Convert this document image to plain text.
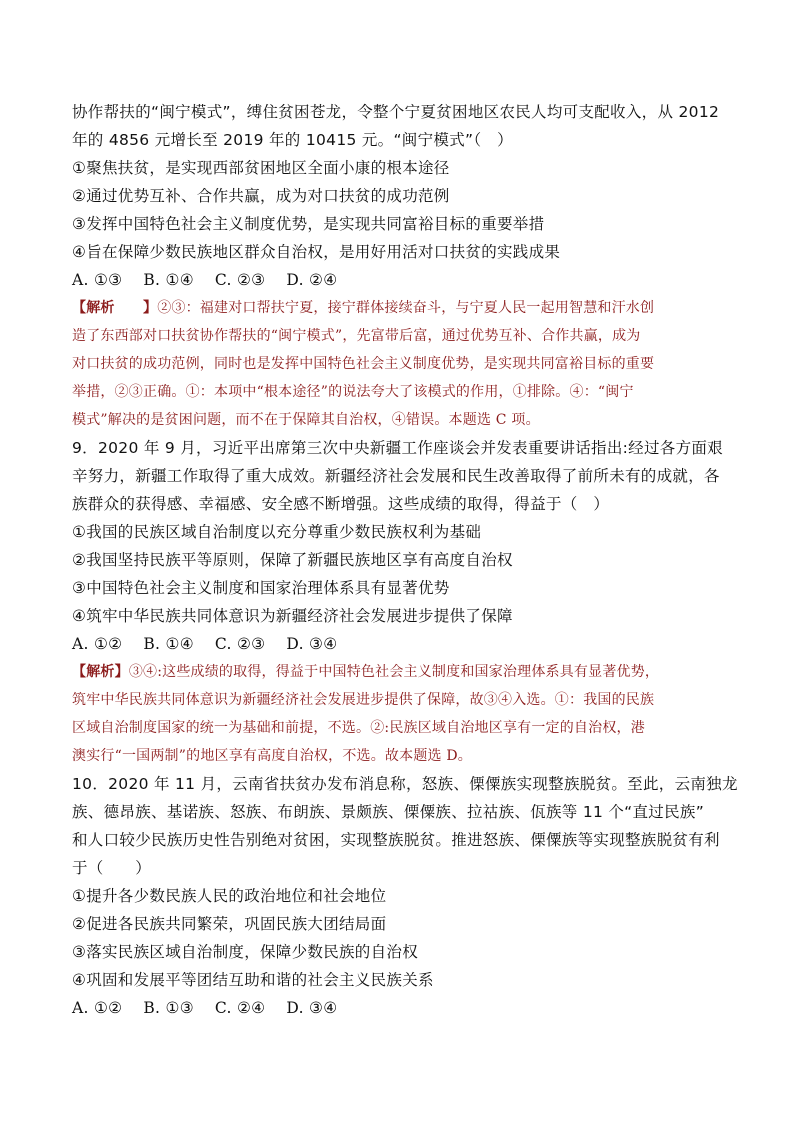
协作帮扶的“闽宁模式”，缚住贫困苍龙，令整个宁夏贫困地区农民人均可支配收入，从 2012
年的 4856 元增长至 2019 年的 10415 元。“闽宁模式”（　）
①聚焦扶贫，是实现西部贫困地区全面小康的根本途径
②通过优势互补、合作共赢，成为对口扶贫的成功范例
③发挥中国特色社会主义制度优势，是实现共同富裕目标的重要举措
④旨在保障少数民族地区群众自治权，是用好用活对口扶贫的实践成果
A. ①③　 B. ①④　 C. ②③　 D. ②④
【解析　　】②③：福建对口帮扶宁夏，接宁群体接续奋斗，与宁夏人民一起用智慧和汗水创
造了东西部对口扶贫协作帮扶的“闽宁模式”，先富带后富，通过优势互补、合作共赢，成为
对口扶贫的成功范例，同时也是发挥中国特色社会主义制度优势，是实现共同富裕目标的重要
举措，②③正确。①：本项中“根本途径”的说法夸大了该模式的作用，①排除。④：“闽宁
模式”解决的是贫困问题，而不在于保障其自治权，④错误。本题选 C 项。
9．2020 年 9 月，习近平出席第三次中央新疆工作座谈会并发表重要讲话指出:经过各方面艰
辛努力，新疆工作取得了重大成效。新疆经济社会发展和民生改善取得了前所未有的成就，各
族群众的获得感、幸福感、安全感不断增强。这些成绩的取得，得益于（　）
①我国的民族区域自治制度以充分尊重少数民族权利为基础
②我国坚持民族平等原则，保障了新疆民族地区享有高度自治权
③中国特色社会主义制度和国家治理体系具有显著优势
④筑牢中华民族共同体意识为新疆经济社会发展进步提供了保障
A. ①②　 B. ①④　 C. ②③　 D. ③④
【解析】③④:这些成绩的取得，得益于中国特色社会主义制度和国家治理体系具有显著优势，
筑牢中华民族共同体意识为新疆经济社会发展进步提供了保障，故③④入选。①：我国的民族
区域自治制度国家的统一为基础和前提，不选。②:民族区域自治地区享有一定的自治权，港
澳实行“一国两制”的地区享有高度自治权，不选。故本题选 D。
10．2020 年 11 月，云南省扶贫办发布消息称，怒族、傈僳族实现整族脱贫。至此，云南独龙
族、德昂族、基诺族、怒族、布朗族、景颇族、傈僳族、拉祜族、佤族等 11 个“直过民族”
和人口较少民族历史性告别绝对贫困，实现整族脱贫。推进怒族、傈僳族等实现整族脱贫有利
于（　　）
①提升各少数民族人民的政治地位和社会地位
②促进各民族共同繁荣，巩固民族大团结局面
③落实民族区域自治制度，保障少数民族的自治权
④巩固和发展平等团结互助和谐的社会主义民族关系
A. ①②　 B. ①③　 C. ②④　 D. ③④
